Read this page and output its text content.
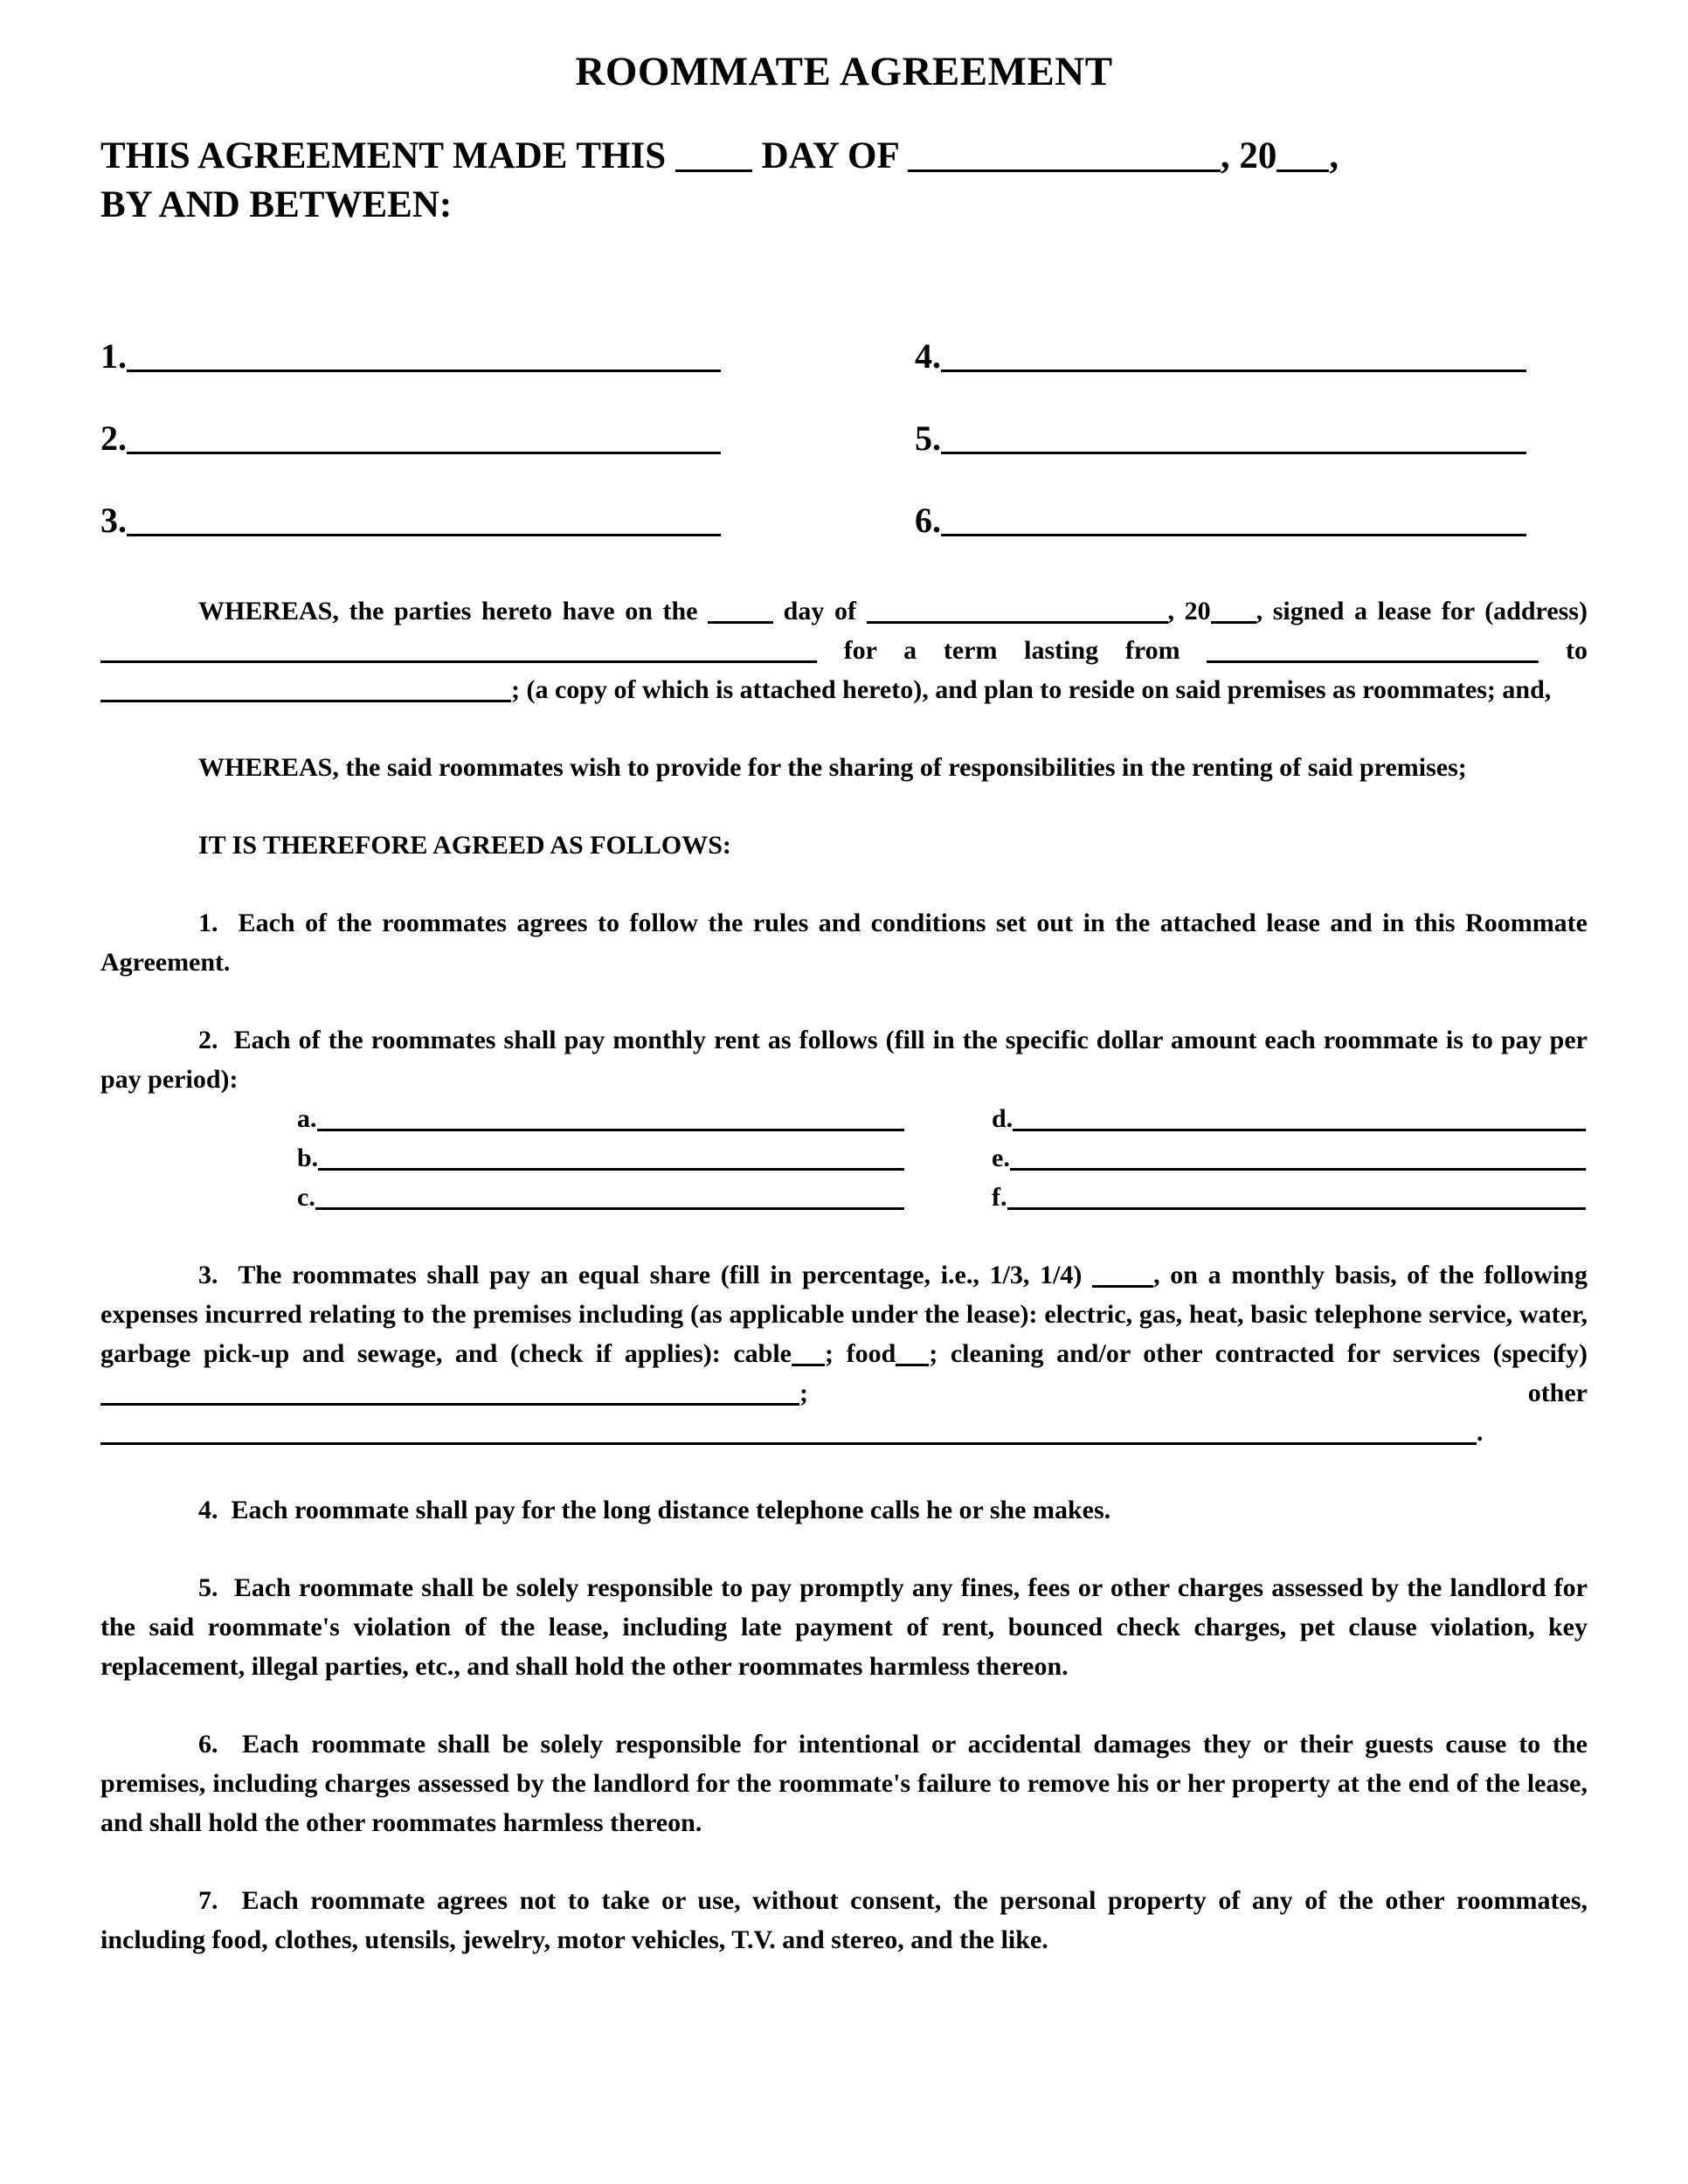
ROOMMATE AGREEMENT

THIS AGREEMENT MADE THIS  DAY OF	, 20 ,
BY AND BETWEEN:

1.	4.
2.	5.
3.	6.

WHEREAS, the parties hereto have on the	day of	, 20 , signed a lease for (address) for a term lasting from	to ; (a copy of which is attached hereto), and plan to reside on said premises as roommates; and,

WHEREAS, the said roommates wish to provide for the sharing of responsibilities in the renting of said premises;

IT IS THEREFORE AGREED AS FOLLOWS:

1.  Each of the roommates agrees to follow the rules and conditions set out in the attached lease and in this Roommate Agreement.

2.  Each of the roommates shall pay monthly rent as follows (fill in the specific dollar amount each roommate is to pay per pay period):

a.	d.
b.	e.
c.	f.

3.  The roommates shall pay an equal share (fill in percentage, i.e., 1/3, 1/4) , on a monthly basis, of the following expenses incurred relating to the premises including (as applicable under the lease): electric, gas, heat, basic telephone service, water, garbage pick-up and sewage, and (check if applies): cable ; food ; cleaning and/or other contracted for services (specify); other.

4.  Each roommate shall pay for the long distance telephone calls he or she makes.

5.  Each roommate shall be solely responsible to pay promptly any fines, fees or other charges assessed by the landlord for the said roommate's violation of the lease, including late payment of rent, bounced check charges, pet clause violation, key replacement, illegal parties, etc., and shall hold the other roommates harmless thereon.

6.  Each roommate shall be solely responsible for intentional or accidental damages they or their guests cause to the premises, including charges assessed by the landlord for the roommate's failure to remove his or her property at the end of the lease, and shall hold the other roommates harmless thereon.

7.  Each roommate agrees not to take or use, without consent, the personal property of any of the other roommates, including food, clothes, utensils, jewelry, motor vehicles, T.V. and stereo, and the like.
